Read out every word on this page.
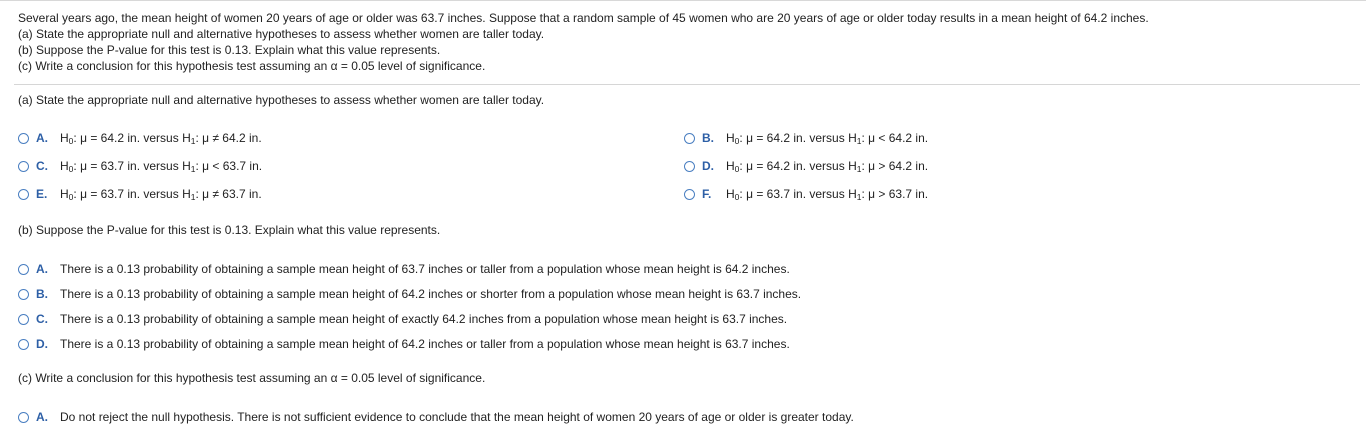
Several years ago, the mean height of women 20 years of age or older was 63.7 inches. Suppose that a random sample of 45 women who are 20 years of age or older today results in a mean height of 64.2 inches.
(a) State the appropriate null and alternative hypotheses to assess whether women are taller today.
(b) Suppose the P-value for this test is 0.13. Explain what this value represents.
(c) Write a conclusion for this hypothesis test assuming an α = 0.05 level of significance.
(a) State the appropriate null and alternative hypotheses to assess whether women are taller today.
A.	H 0 : μ = 64.2 in.
versus
H 1 : μ ≠ 64.2 in.	B.	H 0 : μ = 64.2 in.
versus
H 1 : μ < 64.2 in.
C.	H 0 : μ = 63.7 in.
versus
H 1 : μ < 63.7 in.	D.	H 0 : μ = 64.2 in.
versus
H 1 : μ > 64.2 in.
E.	H 0 : μ = 63.7 in.
versus
H 1 : μ ≠ 63.7 in.	F.	H 0 : μ = 63.7 in.
versus
H 1 : μ > 63.7 in.
(b) Suppose the P-value for this test is 0.13. Explain what this value represents.
A.	There is a 0.13 probability of obtaining a sample mean height of 63.7 inches or taller from a population whose mean height is 64.2 inches.
B.	There is a 0.13 probability of obtaining a sample mean height of 64.2 inches or shorter from a population whose mean height is 63.7 inches.
C.	There is a 0.13 probability of obtaining a sample mean height of exactly 64.2 inches from a population whose mean height is 63.7 inches.
D.	There is a 0.13 probability of obtaining a sample mean height of 64.2 inches or taller from a population whose mean height is 63.7 inches.
(c) Write a conclusion for this hypothesis test assuming an α = 0.05 level of significance.
A.	Do not reject the null hypothesis. There is not sufficient evidence to conclude that the mean height of women 20 years of age or older is greater today.
